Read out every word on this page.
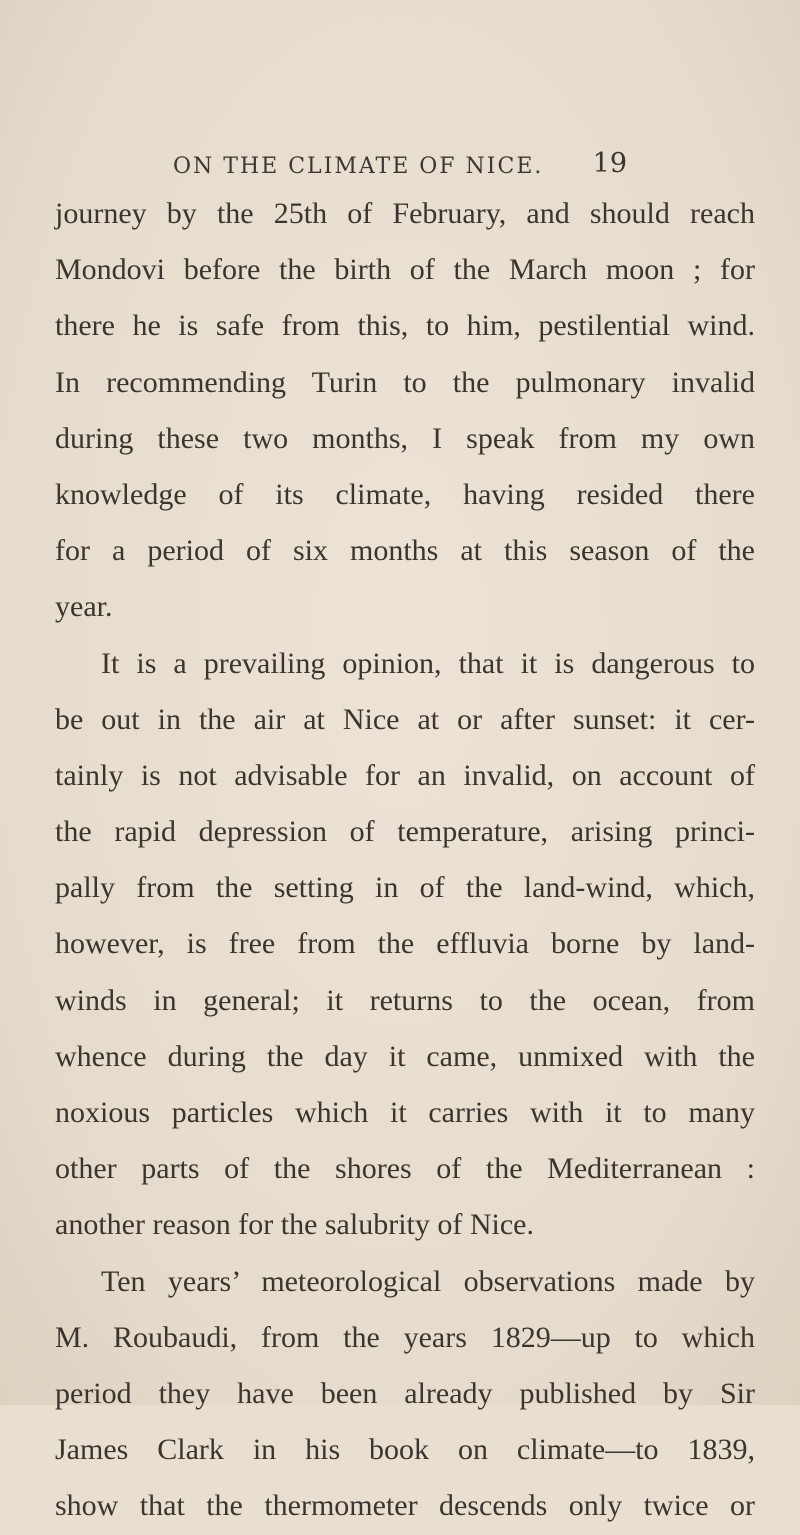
ON THE CLIMATE OF NICE. 19
journey by the 25th of February, and should reach
Mondovi before the birth of the March moon ; for
there he is safe from this, to him, pestilential wind.
In recommending Turin to the pulmonary invalid
during these two months, I speak from my own
knowledge of its climate, having resided there
for a period of six months at this season of the
year.
It is a prevailing opinion, that it is dangerous to
be out in the air at Nice at or after sunset: it cer-
tainly is not advisable for an invalid, on account of
the rapid depression of temperature, arising princi-
pally from the setting in of the land-wind, which,
however, is free from the effluvia borne by land-
winds in general; it returns to the ocean, from
whence during the day it came, unmixed with the
noxious particles which it carries with it to many
other parts of the shores of the Mediterranean :
another reason for the salubrity of Nice.
Ten years’ meteorological observations made by
M. Roubaudi, from the years 1829—up to which
period they have been already published by Sir
James Clark in his book on climate—to 1839,
show that the thermometer descends only twice or
